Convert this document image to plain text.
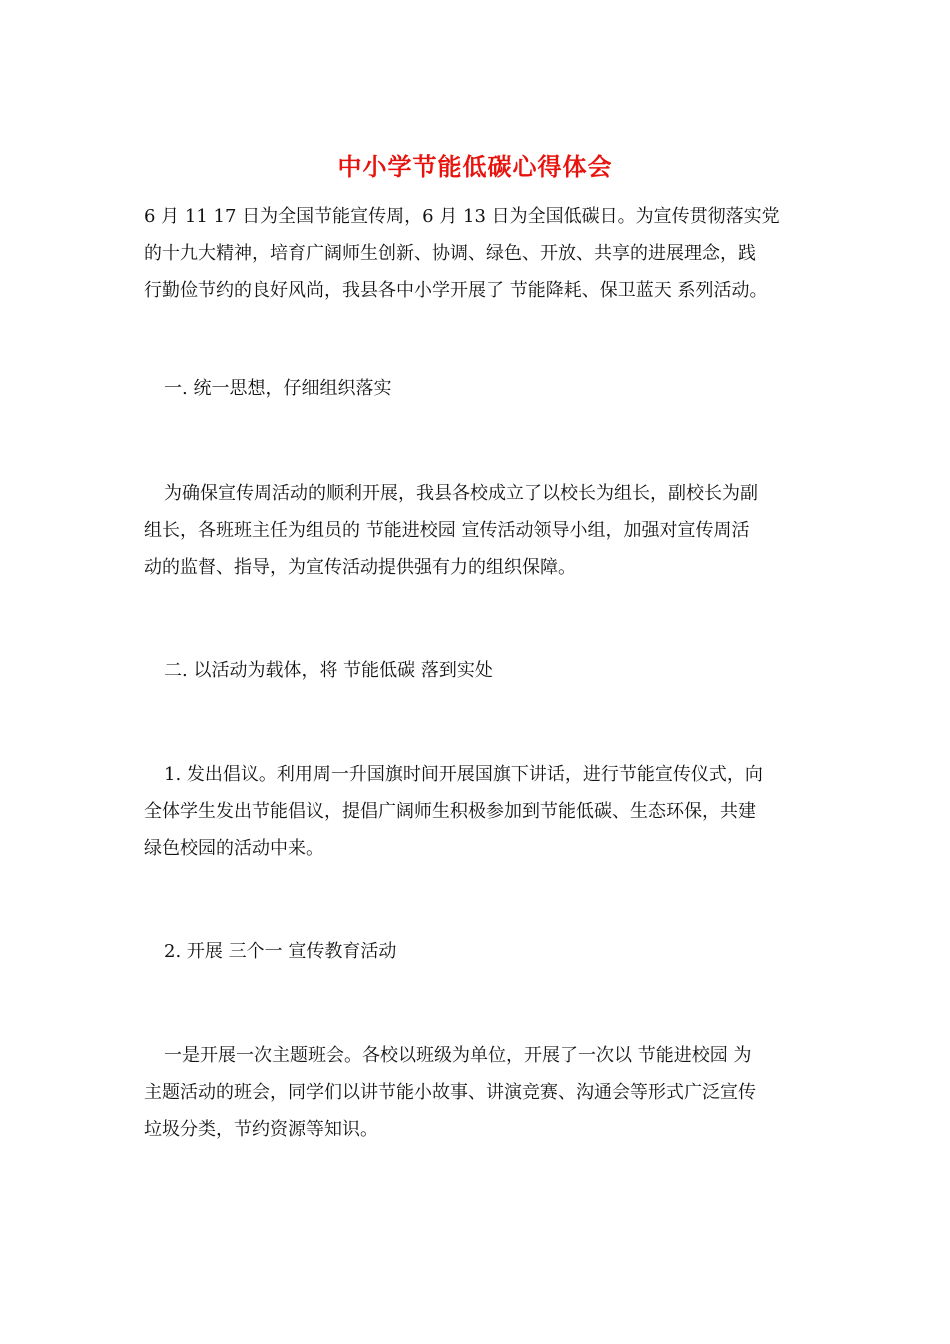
中小学节能低碳心得体会
6 月 11 17 日为全国节能宣传周，6 月 13 日为全国低碳日。为宣传贯彻落实党
的十九大精神，培育广阔师生创新、协调、绿色、开放、共享的进展理念，践
行勤俭节约的良好风尚，我县各中小学开展了 节能降耗、保卫蓝天 系列活动。
一. 统一思想，仔细组织落实
为确保宣传周活动的顺利开展，我县各校成立了以校长为组长，副校长为副
组长，各班班主任为组员的 节能进校园 宣传活动领导小组，加强对宣传周活
动的监督、指导，为宣传活动提供强有力的组织保障。
二. 以活动为载体，将 节能低碳 落到实处
1. 发出倡议。利用周一升国旗时间开展国旗下讲话，进行节能宣传仪式，向
全体学生发出节能倡议，提倡广阔师生积极参加到节能低碳、生态环保，共建
绿色校园的活动中来。
2. 开展 三个一 宣传教育活动
一是开展一次主题班会。各校以班级为单位，开展了一次以 节能进校园 为
主题活动的班会，同学们以讲节能小故事、讲演竞赛、沟通会等形式广泛宣传
垃圾分类，节约资源等知识。
